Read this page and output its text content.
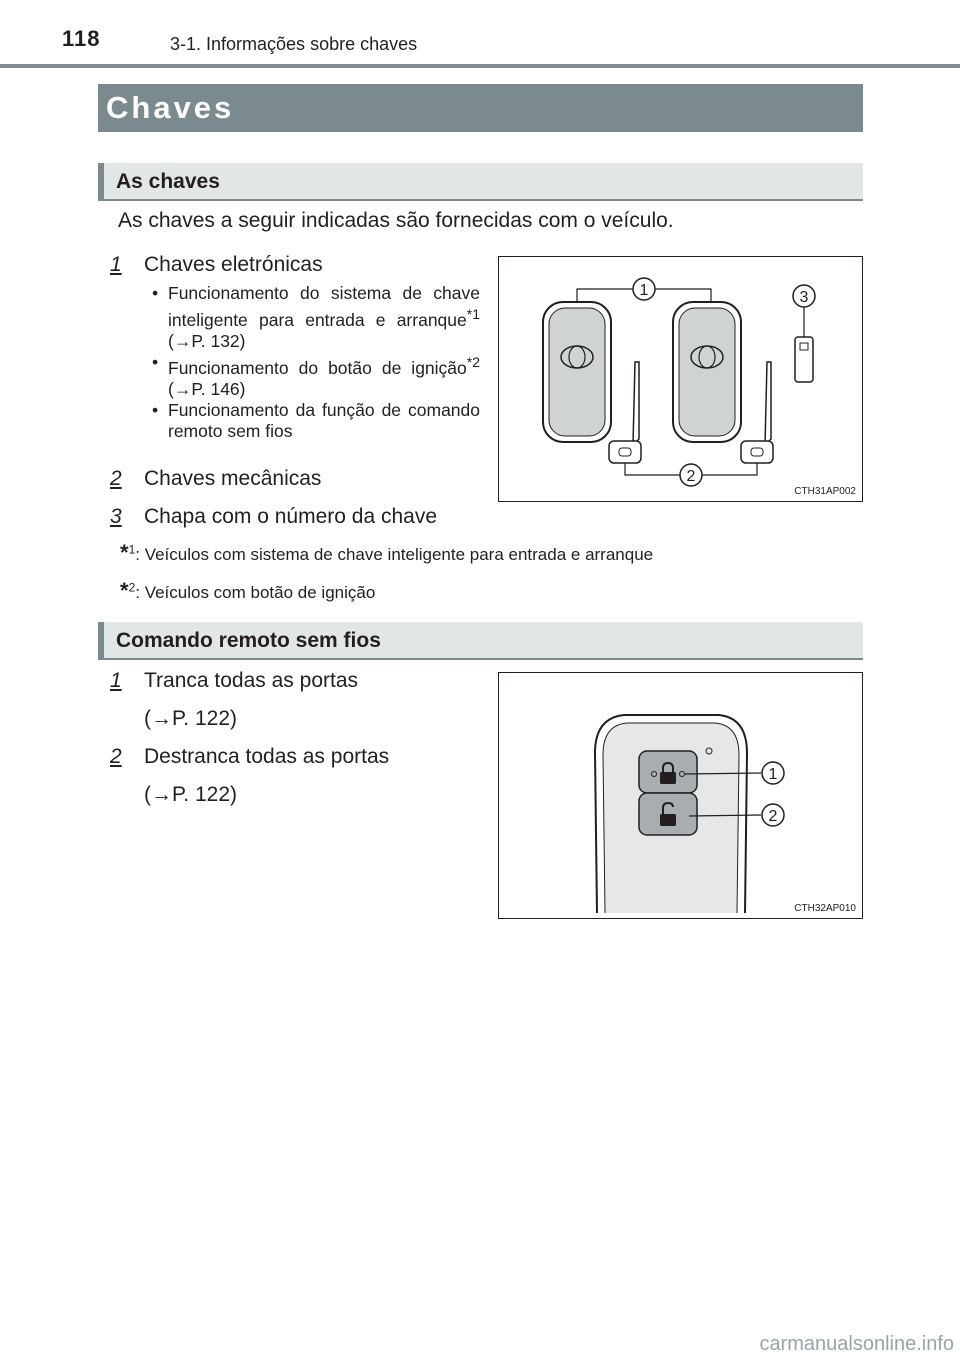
118	3-1. Informações sobre chaves
Chaves
As chaves
As chaves a seguir indicadas são fornecidas com o veículo.
1	Chaves eletrónicas
• Funcionamento do sistema de chave inteligente para entrada e arranque$^{*1}$ (→P. 132)
• Funcionamento do botão de ignição$^{*2}$ (→P. 146)
• Funcionamento da função de comando remoto sem fios
2	Chaves mecânicas
3	Chapa com o número da chave
*$^1$: Veículos com sistema de chave inteligente para entrada e arranque
*$^2$: Veículos com botão de ignição
1
2
3
CTH31AP002
Comando remoto sem fios
1	Tranca todas as portas
(→P. 122)
2	Destranca todas as portas
(→P. 122)
1
2
CTH32AP010
carmanualsonline.info
